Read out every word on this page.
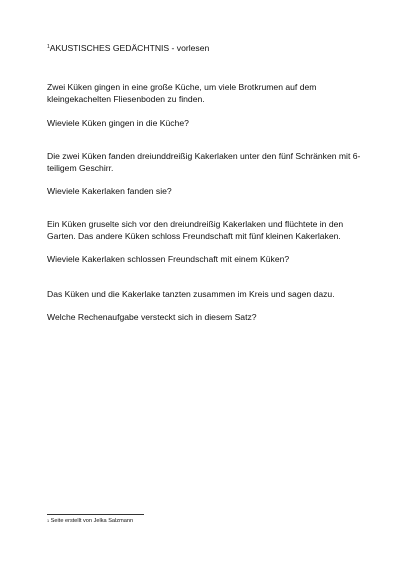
$^1$AKUSTISCHES GEDÄCHTNIS - vorlesen
Zwei Küken gingen in eine große Küche, um viele Brotkrumen auf dem kleingekachelten Fliesenboden zu finden.
Wieviele Küken gingen in die Küche?
Die zwei Küken fanden dreiunddreißig Kakerlaken unter den fünf Schränken mit 6-teiligem Geschirr.
Wieviele Kakerlaken fanden sie?
Ein Küken gruselte sich vor den dreiundreißig Kakerlaken und flüchtete in den Garten. Das andere Küken schloss Freundschaft mit fünf kleinen Kakerlaken.
Wieviele Kakerlaken schlossen Freundschaft mit einem Küken?
Das Küken und die Kakerlake tanzten zusammen im Kreis und sagen dazu.
Welche Rechenaufgabe versteckt sich in diesem Satz?
$^1$ Seite erstellt von Jelka Salzmann
